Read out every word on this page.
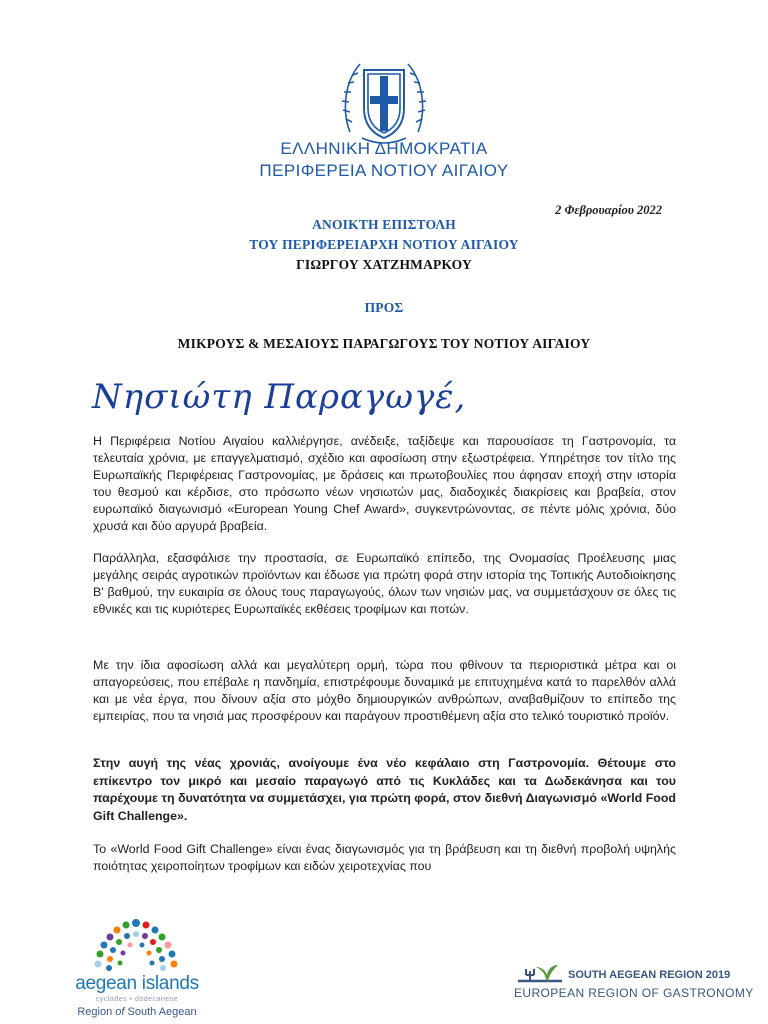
ΕΛΛΗΝΙΚΗ ΔΗΜΟΚΡΑΤΙΑ
ΠΕΡΙΦΕΡΕΙΑ ΝΟΤΙΟΥ ΑΙΓΑΙΟΥ
2 Φεβρουαρίου 2022
ΑΝΟΙΚΤΗ ΕΠΙΣΤΟΛΗ
ΤΟΥ ΠΕΡΙΦΕΡΕΙΑΡΧΗ ΝΟΤΙΟΥ ΑΙΓΑΙΟΥ
ΓΙΩΡΓΟΥ ΧΑΤΖΗΜΑΡΚΟΥ
ΠΡΟΣ
ΜΙΚΡΟΥΣ & ΜΕΣΑΙΟΥΣ ΠΑΡΑΓΩΓΟΥΣ ΤΟΥ ΝΟΤΙΟΥ ΑΙΓΑΙΟΥ
Νησιώτη Παραγωγέ,

Η Περιφέρεια Νοτίου Αιγαίου καλλιέργησε, ανέδειξε, ταξίδεψε και παρουσίασε τη Γαστρονομία, τα τελευταία χρόνια, με επαγγελματισμό, σχέδιο και αφοσίωση στην εξωστρέφεια. Υπηρέτησε τον τίτλο της Ευρωπαϊκής Περιφέρειας Γαστρονομίας, με δράσεις και πρωτοβουλίες που άφησαν εποχή στην ιστορία του θεσμού και κέρδισε, στο πρόσωπο νέων νησιωτών μας, διαδοχικές διακρίσεις και βραβεία, στον ευρωπαϊκό διαγωνισμό «European Young Chef Award», συγκεντρώνοντας, σε πέντε μόλις χρόνια, δύο χρυσά και δύο αργυρά βραβεία.

Παράλληλα, εξασφάλισε την προστασία, σε Ευρωπαϊκό επίπεδο, της Ονομασίας Προέλευσης μιας μεγάλης σειράς αγροτικών προϊόντων και έδωσε για πρώτη φορά στην ιστορία της Τοπικής Αυτοδιοίκησης Β' βαθμού, την ευκαιρία σε όλους τους παραγωγούς, όλων των νησιών μας, να συμμετάσχουν σε όλες τις εθνικές και τις κυριότερες Ευρωπαϊκές εκθέσεις τροφίμων και ποτών.

Με την ίδια αφοσίωση αλλά και μεγαλύτερη ορμή, τώρα που φθίνουν τα περιοριστικά μέτρα και οι απαγορεύσεις, που επέβαλε η πανδημία, επιστρέφουμε δυναμικά με επιτυχημένα κατά το παρελθόν αλλά και με νέα έργα, που δίνουν αξία στο μόχθο δημιουργικών ανθρώπων, αναβαθμίζουν το επίπεδο της εμπειρίας, που τα νησιά μας προσφέρουν και παράγουν προστιθέμενη αξία στο τελικό τουριστικό προϊόν.

Στην αυγή της νέας χρονιάς, ανοίγουμε ένα νέο κεφάλαιο στη Γαστρονομία. Θέτουμε στο επίκεντρο τον μικρό και μεσαίο παραγωγό από τις Κυκλάδες και τα Δωδεκάνησα και του παρέχουμε τη δυνατότητα να συμμετάσχει, για πρώτη φορά, στον διεθνή Διαγωνισμό «World Food Gift Challenge».

Το «World Food Gift Challenge» είναι ένας διαγωνισμός για τη βράβευση και τη διεθνή προβολή υψηλής ποιότητας χειροποίητων τροφίμων και ειδών χειροτεχνίας που

aegean islands
cyclades • dodecanese
Region of South Aegean
SOUTH AEGEAN REGION 2019
EUROPEAN REGION OF GASTRONOMY
